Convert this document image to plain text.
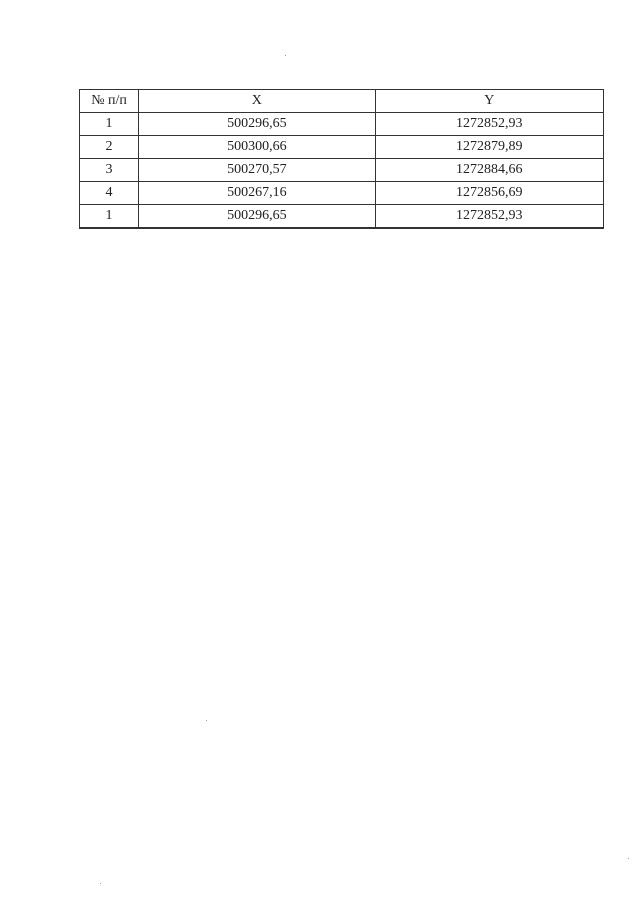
№ п/п	X	Y
1	500296,65	1272852,93
2	500300,66	1272879,89
3	500270,57	1272884,66
4	500267,16	1272856,69
1	500296,65	1272852,93
